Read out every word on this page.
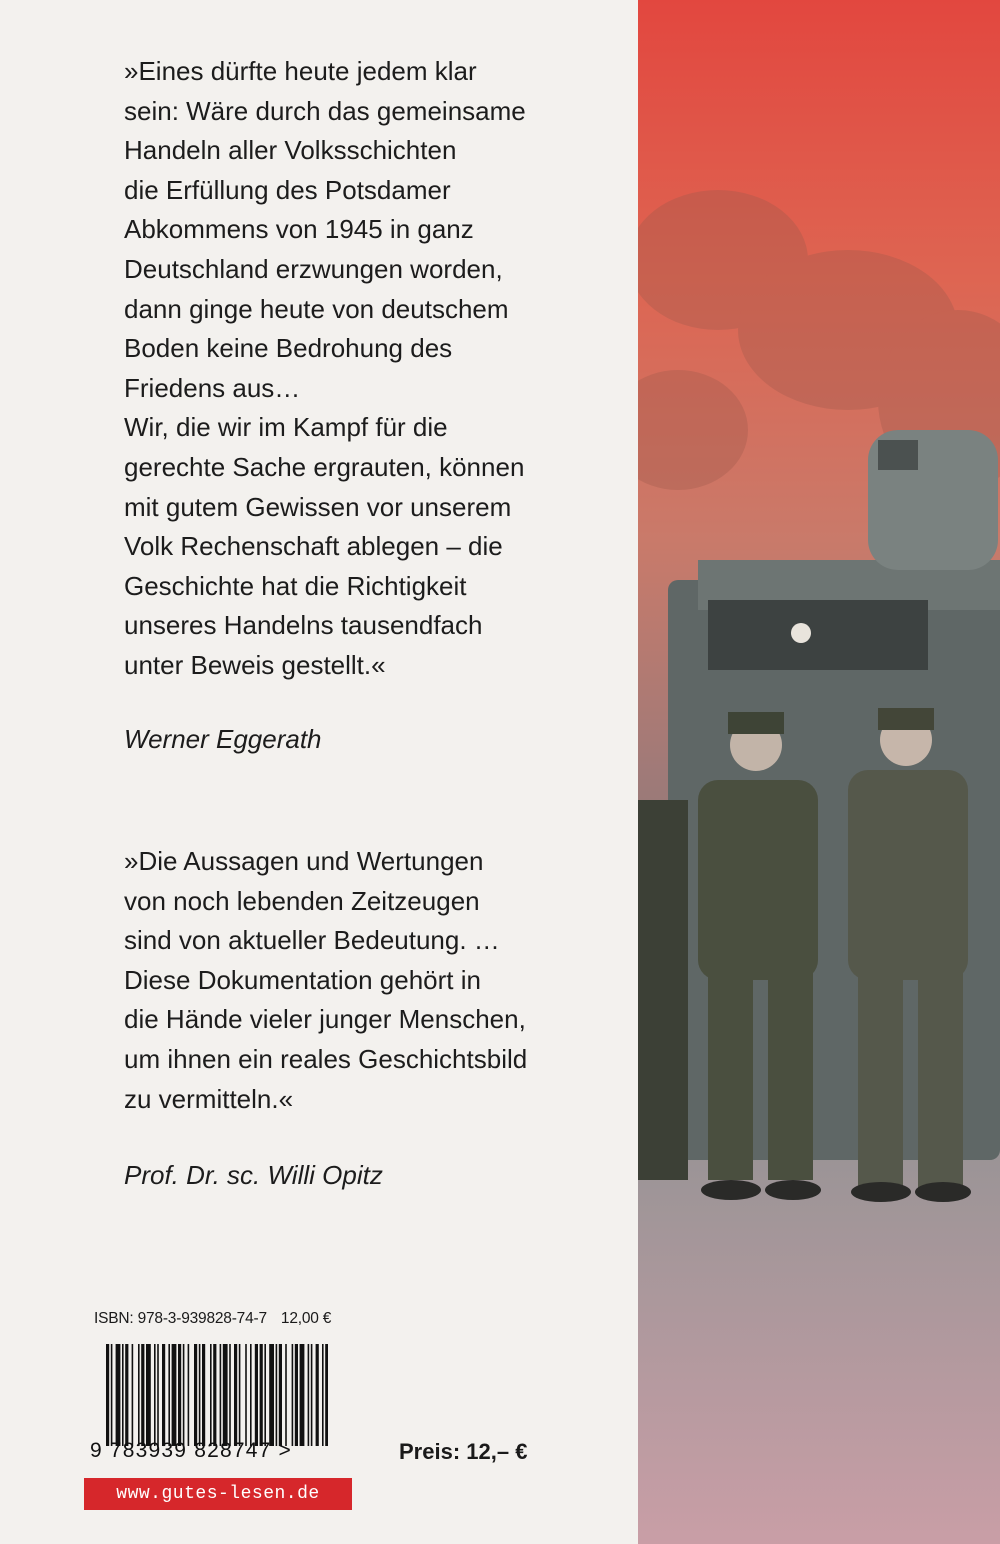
»Eines dürfte heute jedem klar
sein: Wäre durch das gemeinsame
Handeln aller Volksschichten
die Erfüllung des Potsdamer
Abkommens von 1945 in ganz
Deutschland erzwungen worden,
dann ginge heute von deutschem
Boden keine Bedrohung des
Friedens aus…
Wir, die wir im Kampf für die
gerechte Sache ergrauten, können
mit gutem Gewissen vor unserem
Volk Rechenschaft ablegen – die
Geschichte hat die Richtigkeit
unseres Handelns tausendfach
unter Beweis gestellt.«
Werner Eggerath
»Die Aussagen und Wertungen
von noch lebenden Zeitzeugen
sind von aktueller Bedeutung. …
Diese Dokumentation gehört in
die Hände vieler junger Menschen,
um ihnen ein reales Geschichtsbild
zu vermitteln.«
Prof. Dr. sc. Willi Opitz
ISBN: 978-3-939828-74-7 12,00 €
9 783939 828747 >	Preis: 12,– €
www.gutes-lesen.de
